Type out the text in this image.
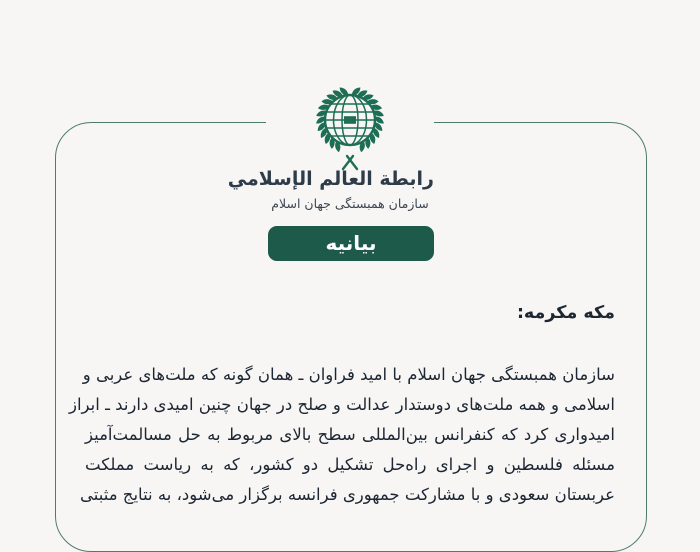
رابطة العالم الإسلامي
سازمان همبستگی جهان اسلام
بیانیه
مکه مکرمه:
سازمان همبستگی جهان اسلام با امید فراوان ـ همان گونه که ملت‌های عربی و
اسلامی و همه ملت‌های دوستدار عدالت و صلح در جهان چنین امیدی دارند ـ ابراز
امیدواری کرد که کنفرانس بین‌المللی سطح بالای مربوط به حل مسالمت‌آمیز
مسئله فلسطین و اجرای راه‌حل تشکیل دو کشور، که به ریاست مملکت
عربستان سعودی و با مشارکت جمهوری فرانسه برگزار می‌شود، به نتایج مثبتی
